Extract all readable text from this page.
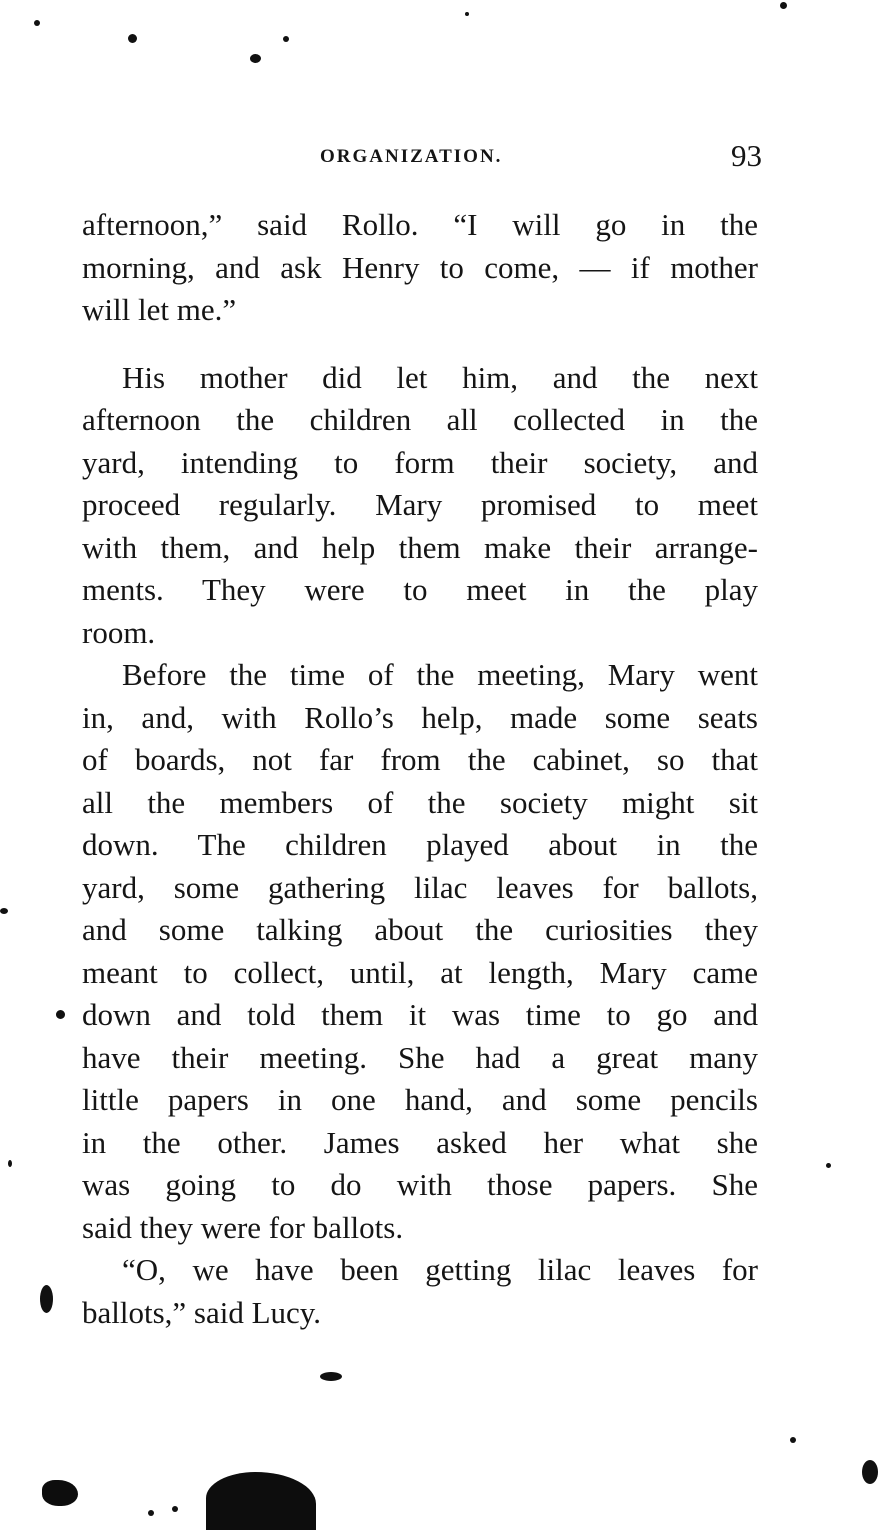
ORGANIZATION.	93
afternoon,” said Rollo. “I will go in the
morning, and ask Henry to come, — if mother
will let me.”
His mother did let him, and the next
afternoon the children all collected in the
yard, intending to form their society, and
proceed regularly. Mary promised to meet
with them, and help them make their arrange-
ments. They were to meet in the play
room.
Before the time of the meeting, Mary went
in, and, with Rollo’s help, made some seats
of boards, not far from the cabinet, so that
all the members of the society might sit
down. The children played about in the
yard, some gathering lilac leaves for ballots,
and some talking about the curiosities they
meant to collect, until, at length, Mary came
down and told them it was time to go and
have their meeting. She had a great many
little papers in one hand, and some pencils
in the other. James asked her what she
was going to do with those papers. She
said they were for ballots.
“O, we have been getting lilac leaves for
ballots,” said Lucy.
